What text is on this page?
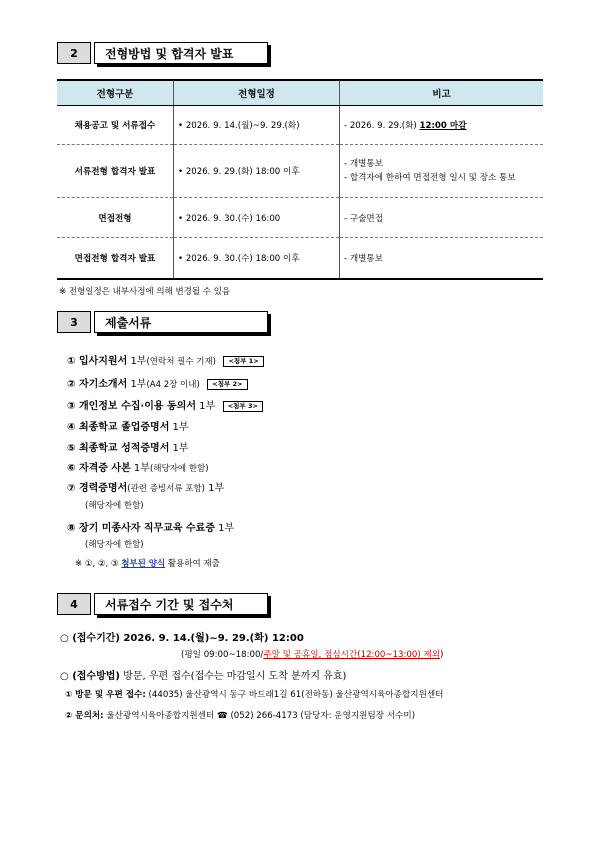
2	전형방법 및 합격자 발표
전형구분	전형일정	비고
채용공고 및 서류접수	• 2026. 9. 14.(월)~9. 29.(화)	- 2026. 9. 29.(화) 12:00 마감
서류전형 합격자 발표	• 2026. 9. 29.(화) 18:00 이후	- 개별통보
- 합격자에 한하여 면접전형 일시 및 장소 통보

면접전형	• 2026. 9. 30.(수) 16:00	- 구술면접
면접전형 합격자 발표	• 2026. 9. 30.(수) 18:00 이후	- 개별통보
※ 전형일정은 내부사정에 의해 변경될 수 있음
3	제출서류
① 입사지원서 1부(연락처 필수 기재) <첨부 1>
② 자기소개서 1부(A4 2장 이내) <첨부 2>
③ 개인정보 수집·이용 동의서 1부 <첨부 3>
④ 최종학교 졸업증명서 1부
⑤ 최종학교 성적증명서 1부
⑥ 자격증 사본 1부(해당자에 한함)
⑦ 경력증명서(관련 증빙서류 포함) 1부
(해당자에 한함)
⑧ 장기 미종사자 직무교육 수료증 1부
(해당자에 한함)
※ ①, ②, ③ 첨부된 양식 활용하여 제출
4	서류접수 기간 및 접수처
○ (접수기간) 2026. 9. 14.(월)~9. 29.(화) 12:00
(평일 09:00~18:00/주말 및 공휴일, 점심시간(12:00~13:00) 제외)
○ (접수방법) 방문, 우편 접수(접수는 마감일시 도착 분까지 유효)
① 방문 및 우편 접수: (44035) 울산광역시 동구 바드래1길 61(전하동) 울산광역시육아종합지원센터
② 문의처: 울산광역시육아종합지원센터 ☎ (052) 266-4173 (담당자: 운영지원팀장 서수미)
